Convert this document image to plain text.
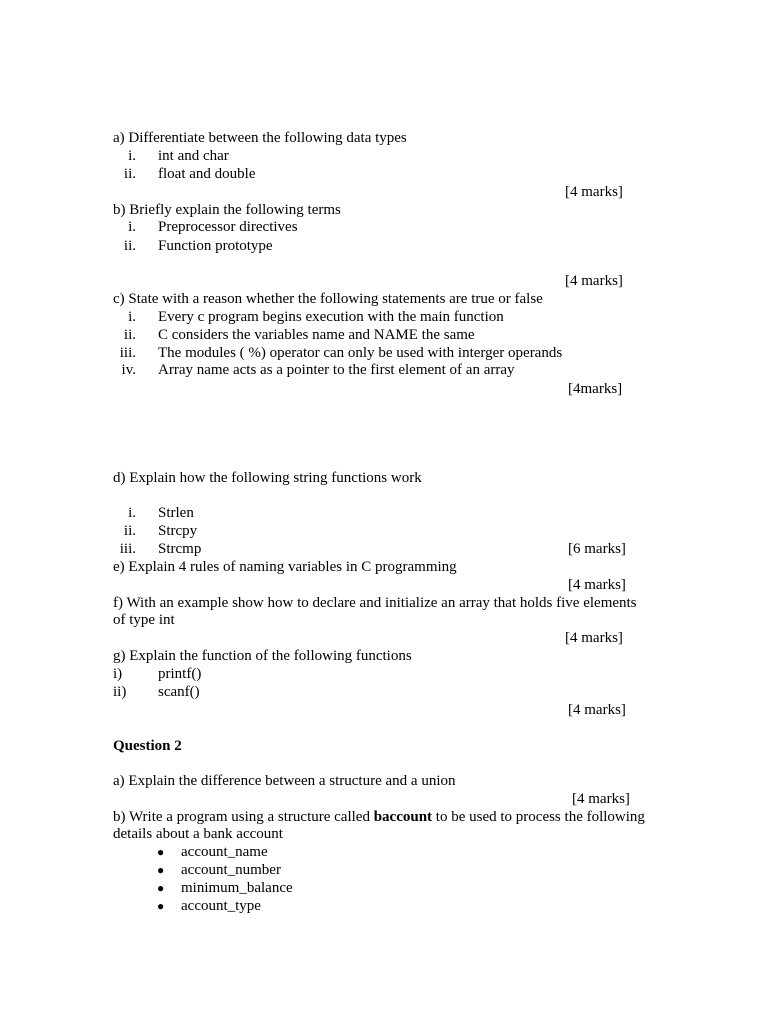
a) Differentiate between the following data types
i. int and char
ii. float and double
[4 marks]
b) Briefly explain the following terms
i. Preprocessor directives
ii. Function prototype
[4 marks]
c) State with a reason whether the following statements are true or false
i. Every c program begins execution with the main function
ii. C considers the variables name and NAME the same
iii. The modules ( %) operator can only be used with interger operands
iv. Array name acts as a pointer to the first element of an array
[4marks]
d) Explain how the following string functions work
i. Strlen
ii. Strcpy
iii. Strcmp	[6 marks]
e) Explain 4 rules of naming variables in C programming
[4 marks]
f) With an example show how to declare and initialize an array that holds five elements
of type int
[4 marks]
g) Explain the function of the following functions
i) printf()
ii) scanf()
[4 marks]
Question 2
a) Explain the difference between a structure and a union
[4 marks]
b) Write a program using a structure called baccount to be used to process the following
details about a bank account
● account_name
● account_number
● minimum_balance
● account_type
